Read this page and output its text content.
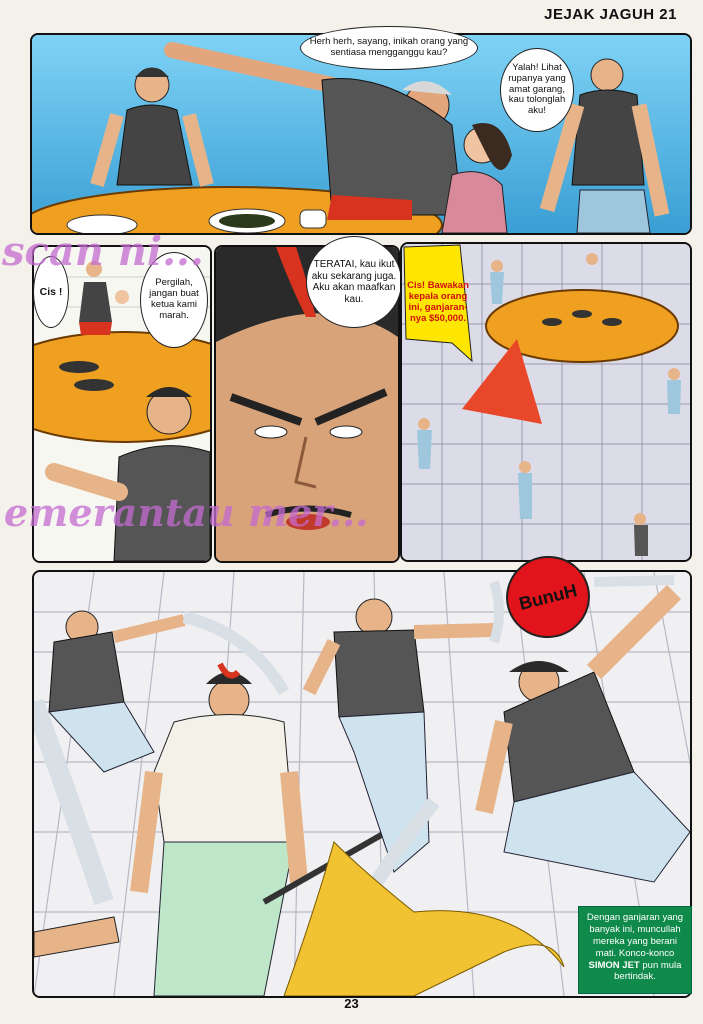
JEJAK JAGUH 21
Herh herh, sayang, inikah orang yang sentiasa mengganggu kau?
Yalah! Lihat rupanya yang amat garang, kau tolonglah aku!
Cis !
Pergilah, jangan buat ketua kami marah.
TERATAI, kau ikut aku sekarang juga. Aku akan maafkan kau.
Cis! Bawakan kepala orang ini, ganjaran-nya $50,000.
BunuH
Dengan ganjaran yang banyak ini, muncullah mereka yang berani mati. Konco-konco SIMON JET pun mula bertindak.
scan ni...
emerantau mer...
23
